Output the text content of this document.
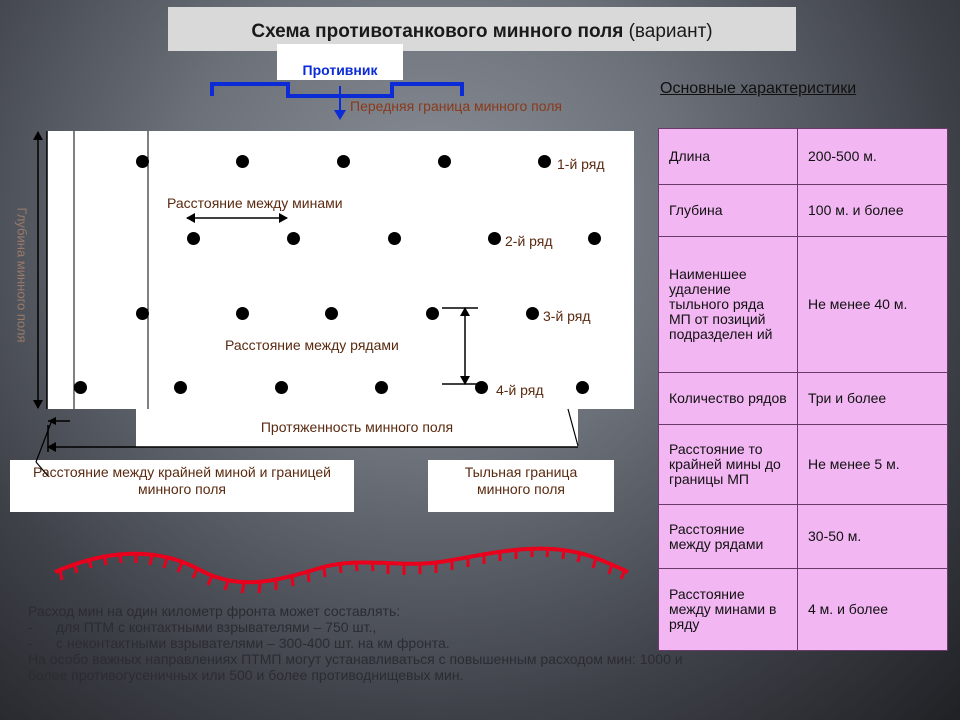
Схема противотанкового минного поля (вариант)
Противник
Передняя граница минного поля
1-й ряд
Расстояние между минами
2-й ряд
3-й ряд
Расстояние между рядами
4-й ряд
Глубина минного поля
Протяженность минного поля
Расстояние между крайней миной и границей минного поля
Тыльная граница минного поля
Основные характеристики
Длина	200-500 м.
Глубина	100 м. и более
Наименшее удаление тыльного ряда МП от позиций подразделен ий	Не менее 40 м.
Количество рядов	Три и более
Расстояние то крайней мины до границы МП	Не менее 5 м.
Расстояние между рядами	30-50 м.
Расстояние между минами в ряду	4 м. и более
Расход мин на один километр фронта может составлять:
- для ПТМ с контактными взрывателями – 750 шт.,
- с неконтактными взрывателями – 300-400 шт. на км фронта.
На особо важных направлениях ПТМП могут устанавливаться с повышенным расходом мин: 1000 и
более противогусеничных или 500 и более противоднищевых мин.
